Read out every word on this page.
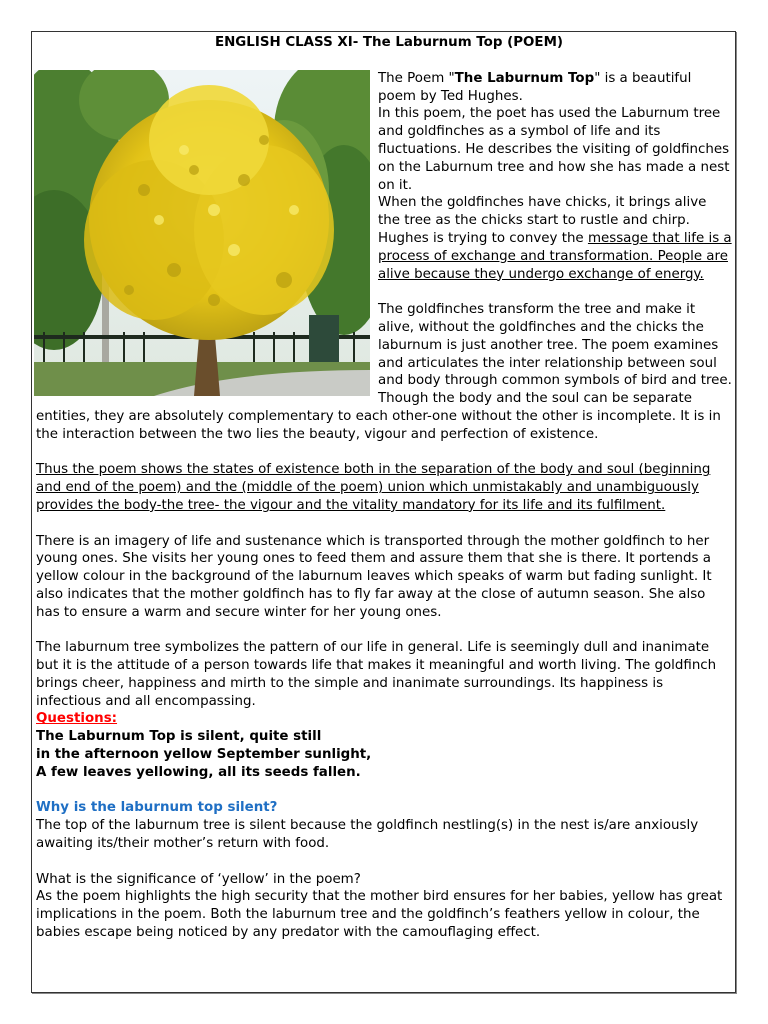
ENGLISH CLASS XI- The Laburnum Top (POEM)

The Poem "The Laburnum Top" is a beautiful poem by Ted Hughes.

In this poem, the poet has used the Laburnum tree and goldfinches as a symbol of life and its fluctuations. He describes the visiting of goldfinches on the Laburnum tree and how she has made a nest on it.

When the goldfinches have chicks, it brings alive the tree as the chicks start to rustle and chirp.

Hughes is trying to convey the message that life is a process of exchange and transformation. People are alive because they undergo exchange of energy.

The goldfinches transform the tree and make it alive, without the goldfinches and the chicks the laburnum is just another tree. The poem examines and articulates the inter relationship between soul and body through common symbols of bird and tree.

Though the body and the soul can be separate entities, they are absolutely complementary to each other-one without the other is incomplete. It is in the interaction between the two lies the beauty, vigour and perfection of existence.

Thus the poem shows the states of existence both in the separation of the body and soul (beginning and end of the poem) and the (middle of the poem) union which unmistakably and unambiguously provides the body-the tree- the vigour and the vitality mandatory for its life and its fulfilment.

There is an imagery of life and sustenance which is transported through the mother goldfinch to her young ones. She visits her young ones to feed them and assure them that she is there. It portends a yellow colour in the background of the laburnum leaves which speaks of warm but fading sunlight. It also indicates that the mother goldfinch has to fly far away at the close of autumn season. She also has to ensure a warm and secure winter for her young ones.

The laburnum tree symbolizes the pattern of our life in general. Life is seemingly dull and inanimate but it is the attitude of a person towards life that makes it meaningful and worth living. The goldfinch brings cheer, happiness and mirth to the simple and inanimate surroundings. Its happiness is infectious and all encompassing.

Questions:

The Laburnum Top is silent, quite still

in the afternoon yellow September sunlight,

A few leaves yellowing, all its seeds fallen.

Why is the laburnum top silent?

The top of the laburnum tree is silent because the goldfinch nestling(s) in the nest is/are anxiously awaiting its/their mother’s return with food.

What is the significance of ‘yellow’ in the poem?

As the poem highlights the high security that the mother bird ensures for her babies, yellow has great implications in the poem. Both the laburnum tree and the goldfinch’s feathers yellow in colour, the babies escape being noticed by any predator with the camouflaging effect.
